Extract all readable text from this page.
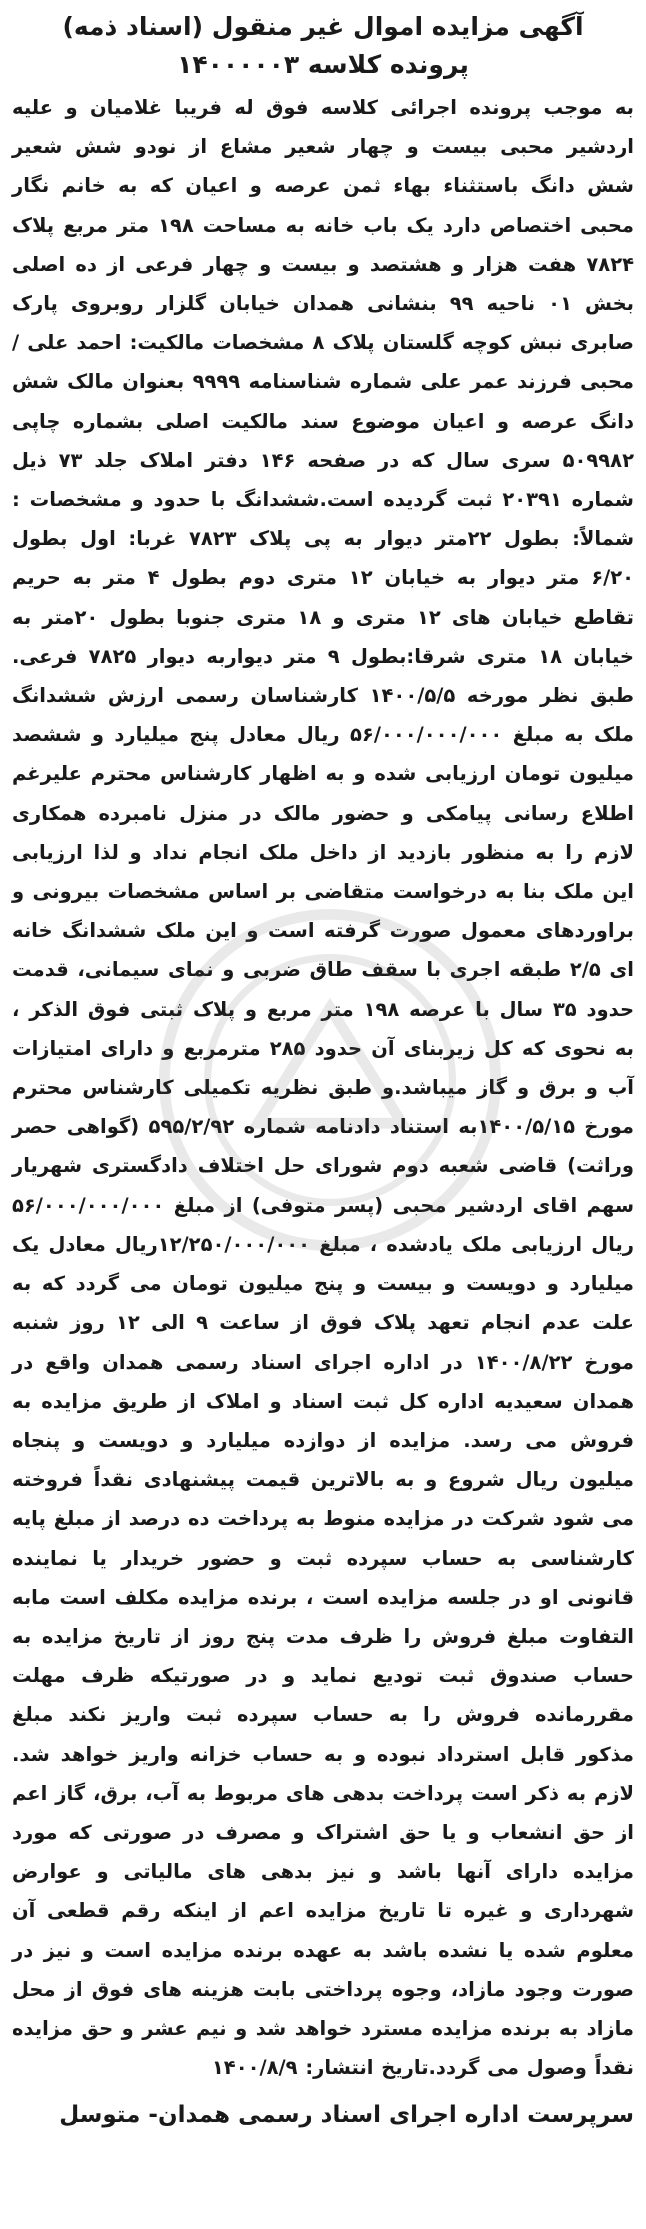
آگهی مزایده اموال غیر منقول (اسناد ذمه)
پرونده کلاسه ۱۴۰۰۰۰۰۳

به موجب پرونده اجرائی کلاسه فوق له فریبا غلامیان و علیه اردشیر محبی بیست و چهار شعیر مشاع از نودو شش شعیر شش دانگ باستثناء بهاء ثمن عرصه و اعیان که به خانم نگار محبی اختصاص دارد یک باب خانه به مساحت ۱۹۸ متر مربع پلاک ۷۸۲۴ هفت هزار و هشتصد و بیست و چهار فرعی از ده اصلی بخش ۰۱ ناحیه ۹۹ بنشانی همدان خیابان گلزار روبروی پارک صابری نبش کوچه گلستان پلاک ۸ مشخصات مالکیت: احمد علی / محبی فرزند عمر علی شماره شناسنامه ۹۹۹۹ بعنوان مالک شش دانگ عرصه و اعیان موضوع سند مالکیت اصلی بشماره چاپی ۵۰۹۹۸۲ سری سال که در صفحه ۱۴۶ دفتر املاک جلد ۷۳ ذیل شماره ۲۰۳۹۱ ثبت گردیده است.ششدانگ با حدود و مشخصات : شمالاً: بطول ۲۲متر دیوار به پی پلاک ۷۸۲۳ غربا: اول بطول ۶/۲۰ متر دیوار به خیابان ۱۲ متری دوم بطول ۴ متر به حریم تقاطع خیابان های ۱۲ متری و ۱۸ متری جنوبا بطول ۲۰متر به خیابان ۱۸ متری شرقا:بطول ۹ متر دیواربه دیوار ۷۸۲۵ فرعی. طبق نظر مورخه ۱۴۰۰/۵/۵ کارشناسان رسمی ارزش ششدانگ ملک به مبلغ ۵۶/۰۰۰/۰۰۰/۰۰۰ ریال معادل پنج میلیارد و ششصد میلیون تومان ارزیابی شده و به اظهار کارشناس محترم علیرغم اطلاع رسانی پیامکی و حضور مالک در منزل نامبرده همکاری لازم را به منظور بازدید از داخل ملک انجام نداد و لذا ارزیابی این ملک بنا به درخواست متقاضی بر اساس مشخصات بیرونی و براوردهای معمول صورت گرفته است و این ملک ششدانگ خانه ای ۲/۵ طبقه اجری با سقف طاق ضربی و نمای سیمانی، قدمت حدود ۳۵ سال با عرصه ۱۹۸ متر مربع و پلاک ثبتی فوق الذکر ، به نحوی که کل زیربنای آن حدود ۲۸۵ مترمربع و دارای امتیازات آب و برق و گاز میباشد.و طبق نظریه تکمیلی کارشناس محترم مورخ ۱۴۰۰/۵/۱۵به استناد دادنامه شماره ۵۹۵/۲/۹۲ (گواهی حصر وراثت) قاضی شعبه دوم شورای حل اختلاف دادگستری شهریار سهم اقای اردشیر محبی (پسر متوفی) از مبلغ ۵۶/۰۰۰/۰۰۰/۰۰۰ ریال ارزیابی ملک یادشده ، مبلغ ۱۲/۲۵۰/۰۰۰/۰۰۰ریال معادل یک میلیارد و دویست و بیست و پنج میلیون تومان می گردد که به علت عدم انجام تعهد پلاک فوق از ساعت ۹ الی ۱۲ روز شنبه مورخ ۱۴۰۰/۸/۲۲ در اداره اجرای اسناد رسمی همدان واقع در همدان سعیدیه اداره کل ثبت اسناد و املاک از طریق مزایده به فروش می رسد. مزایده از دوازده میلیارد و دویست و پنجاه میلیون ریال شروع و به بالاترین قیمت پیشنهادی نقداً فروخته می شود شرکت در مزایده منوط به پرداخت ده درصد از مبلغ پایه کارشناسی به حساب سپرده ثبت و حضور خریدار یا نماینده قانونی او در جلسه مزایده است ، برنده مزایده مکلف است مابه التفاوت مبلغ فروش را ظرف مدت پنج روز از تاریخ مزایده به حساب صندوق ثبت تودیع نماید و در صورتیکه ظرف مهلت مقررمانده فروش را به حساب سپرده ثبت واریز نکند مبلغ مذکور قابل استرداد نبوده و به حساب خزانه واریز خواهد شد. لازم به ذکر است پرداخت بدهی های مربوط به آب، برق، گاز اعم از حق انشعاب و یا حق اشتراک و مصرف در صورتی که مورد مزایده دارای آنها باشد و نیز بدهی های مالیاتی و عوارض شهرداری و غیره تا تاریخ مزایده اعم از اینکه رقم قطعی آن معلوم شده یا نشده باشد به عهده برنده مزایده است و نیز در صورت وجود مازاد، وجوه پرداختی بابت هزینه های فوق از محل مازاد به برنده مزایده مسترد خواهد شد و نیم عشر و حق مزایده نقداً وصول می گردد.تاریخ انتشار: ۱۴۰۰/۸/۹

سرپرست اداره اجرای اسناد رسمی همدان- متوسل
